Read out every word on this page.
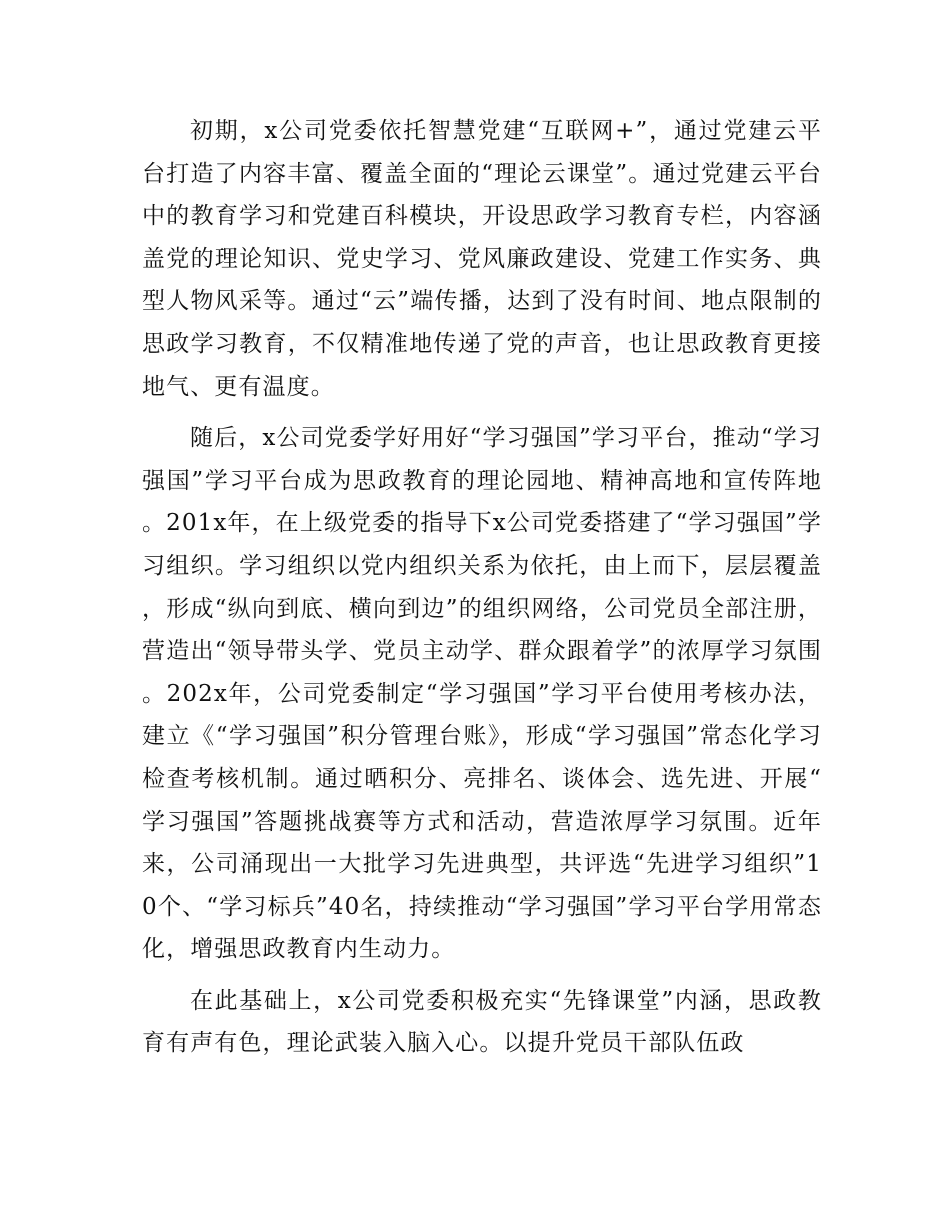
初期，x公司党委依托智慧党建“互联网+”，通过党建云平台打造了内容丰富、覆盖全面的“理论云课堂”。通过党建云平台中的教育学习和党建百科模块，开设思政学习教育专栏，内容涵盖党的理论知识、党史学习、党风廉政建设、党建工作实务、典型人物风采等。通过“云”端传播，达到了没有时间、地点限制的思政学习教育，不仅精准地传递了党的声音，也让思政教育更接地气、更有温度。

随后，x公司党委学好用好“学习强国”学习平台，推动“学习强国”学习平台成为思政教育的理论园地、精神高地和宣传阵地。201x年，在上级党委的指导下x公司党委搭建了“学习强国”学习组织。学习组织以党内组织关系为依托，由上而下，层层覆盖，形成“纵向到底、横向到边”的组织网络，公司党员全部注册，营造出“领导带头学、党员主动学、群众跟着学”的浓厚学习氛围。202x年，公司党委制定“学习强国”学习平台使用考核办法，建立《“学习强国”积分管理台账》，形成“学习强国”常态化学习检查考核机制。通过晒积分、亮排名、谈体会、选先进、开展“学习强国”答题挑战赛等方式和活动，营造浓厚学习氛围。近年来，公司涌现出一大批学习先进典型，共评选“先进学习组织”10个、“学习标兵”40名，持续推动“学习强国”学习平台学用常态化，增强思政教育内生动力。

在此基础上，x公司党委积极充实“先锋课堂”内涵，思政教育有声有色，理论武装入脑入心。以提升党员干部队伍政
